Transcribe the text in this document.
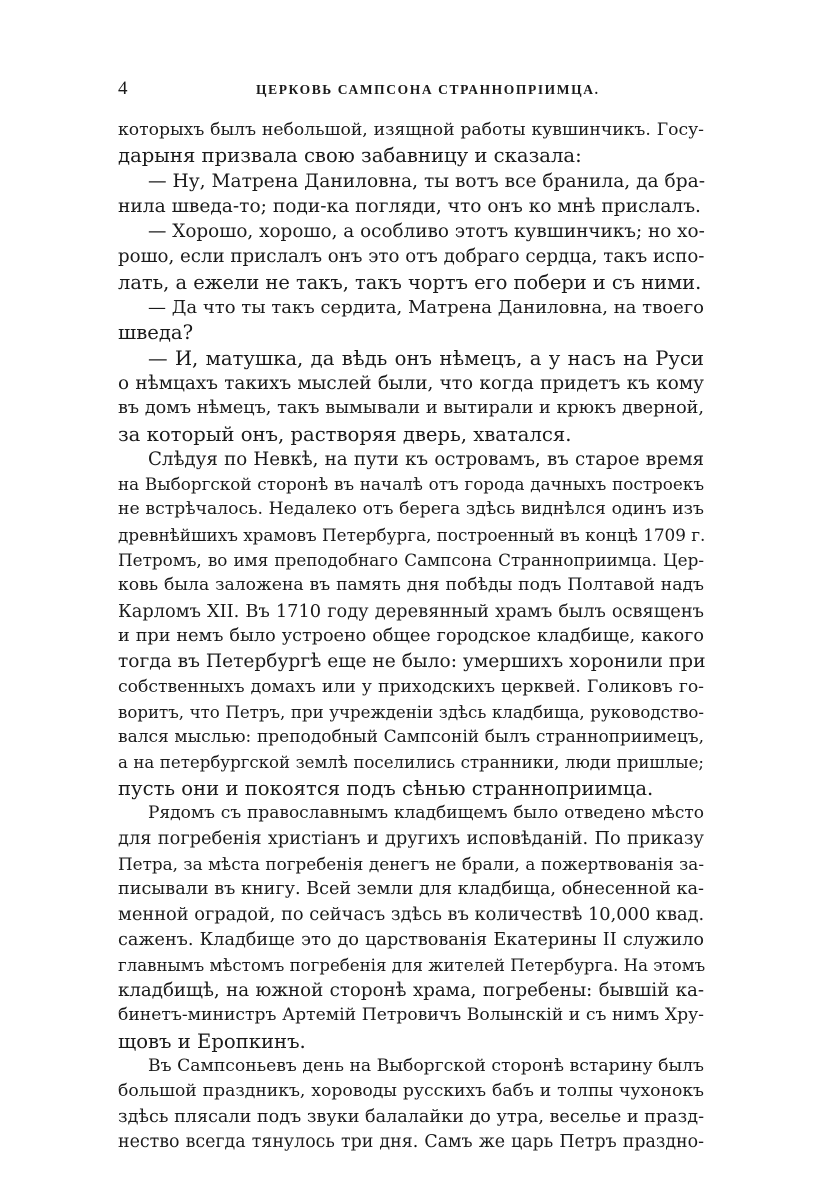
4	ЦЕРКОВЬ САМПСОНА СТРАННОПРІИМЦА.
которыхъ былъ небольшой, изящной работы кувшинчикъ. Госу-
дарыня призвала свою забавницу и сказала:
— Ну, Матрена Даниловна, ты вотъ все бранила, да бра-
нила шведа-то; поди-ка погляди, что онъ ко мнѣ прислалъ.
— Хорошо, хорошо, а особливо этотъ кувшинчикъ; но хо-
рошо, если прислалъ онъ это отъ добраго сердца, такъ испо-
лать, а ежели не такъ, такъ чортъ его побери и съ ними.
— Да что ты такъ сердита, Матрена Даниловна, на твоего
шведа?
— И, матушка, да вѣдь онъ нѣмецъ, а у насъ на Руси
о нѣмцахъ такихъ мыслей были, что когда придетъ къ кому
въ домъ нѣмецъ, такъ вымывали и вытирали и крюкъ дверной,
за который онъ, растворяя дверь, хватался.
Слѣдуя по Невкѣ, на пути къ островамъ, въ старое время
на Выборгской сторонѣ въ началѣ отъ города дачныхъ построекъ
не встрѣчалось. Недалеко отъ берега здѣсь виднѣлся одинъ изъ
древнѣйшихъ храмовъ Петербурга, построенный въ концѣ 1709 г.
Петромъ, во имя преподобнаго Сампсона Странноприимца. Цер-
ковь была заложена въ память дня побѣды подъ Полтавой надъ
Карломъ XII. Въ 1710 году деревянный храмъ былъ освященъ
и при немъ было устроено общее городское кладбище, какого
тогда въ Петербургѣ еще не было: умершихъ хоронили при
собственныхъ домахъ или у приходскихъ церквей. Голиковъ го-
воритъ, что Петръ, при учрежденіи здѣсь кладбища, руководство-
вался мыслью: преподобный Сампсоній былъ странноприимецъ,
а на петербургской землѣ поселились странники, люди пришлые;
пусть они и покоятся подъ сѣнью странноприимца.
Рядомъ съ православнымъ кладбищемъ было отведено мѣсто
для погребенія христіанъ и другихъ исповѣданій. По приказу
Петра, за мѣста погребенія денегъ не брали, а пожертвованія за-
писывали въ книгу. Всей земли для кладбища, обнесенной ка-
менной оградой, по сейчасъ здѣсь въ количествѣ 10,000 квад.
саженъ. Кладбище это до царствованія Екатерины II служило
главнымъ мѣстомъ погребенія для жителей Петербурга. На этомъ
кладбищѣ, на южной сторонѣ храма, погребены: бывшій ка-
бинетъ-министръ Артемій Петровичъ Волынскій и съ нимъ Хру-
щовъ и Еропкинъ.
Въ Сампсоньевъ день на Выборгской сторонѣ встарину былъ
большой праздникъ, хороводы русскихъ бабъ и толпы чухонокъ
здѣсь плясали подъ звуки балалайки до утра, веселье и празд-
нество всегда тянулось три дня. Самъ же царь Петръ праздно-
